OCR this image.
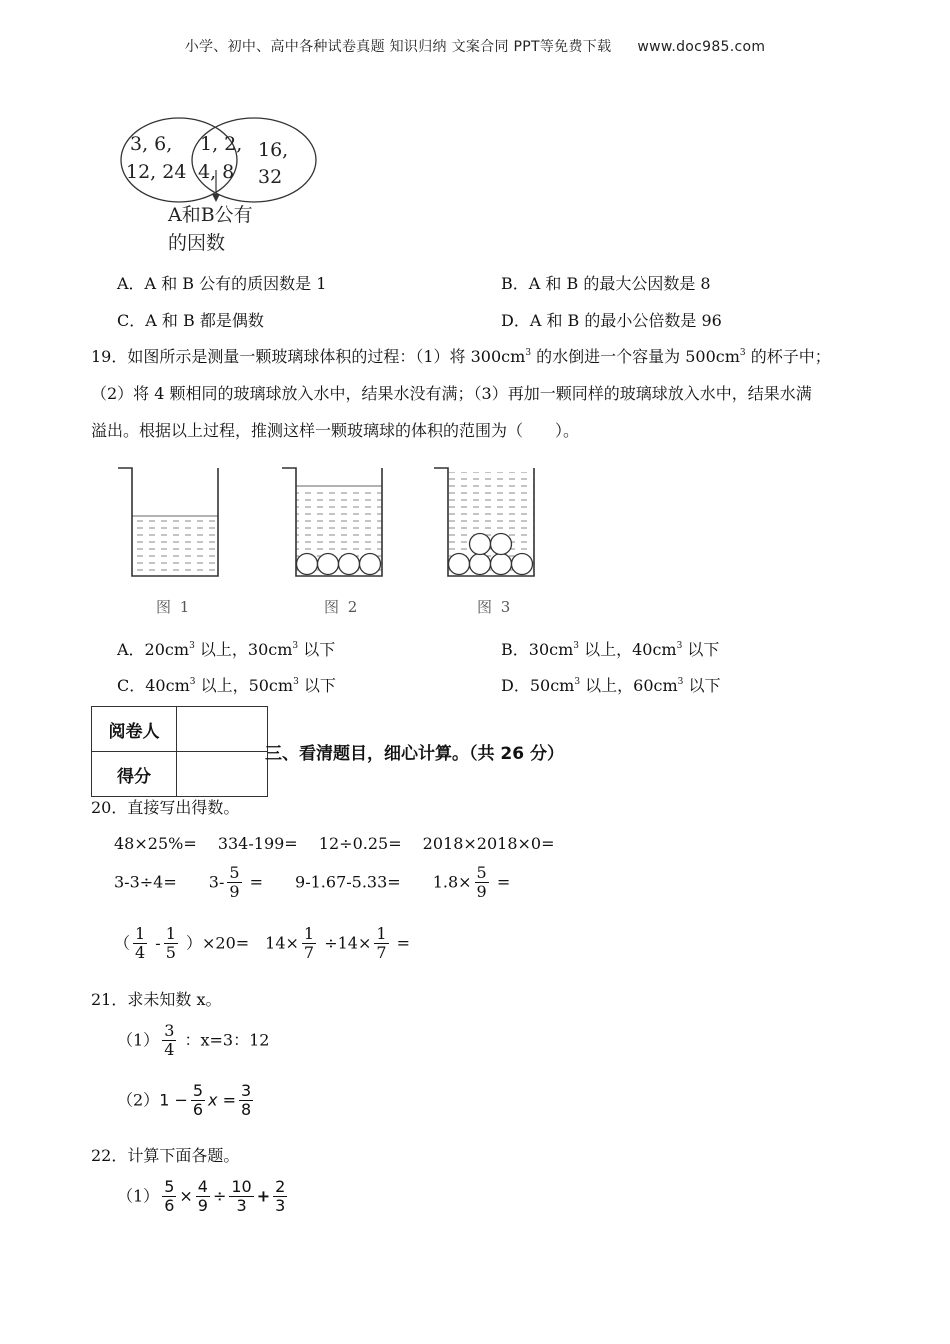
小学、初中、高中各种试卷真题 知识归纳 文案合同 PPT等免费下载 www.doc985.com
3, 6,
12, 24
1, 2,
4, 8
16,
32
A和B公有
的因数
A．A 和 B 公有的质因数是 1	B．A 和 B 的最大公因数是 8
C．A 和 B 都是偶数	D．A 和 B 的最小公倍数是 96
19．如图所示是测量一颗玻璃球体积的过程：（1）将 $300cm^3$ 的水倒进一个容量为 $500cm^3$ 的杯子中；
（2）将 4 颗相同的玻璃球放入水中，结果水没有满；（3）再加一颗同样的玻璃球放入水中，结果水满
溢出。根据以上过程，推测这样一颗玻璃球的体积的范围为（　　）。
图 1	图 2	图 3
A．$20cm^3$ 以上，$30cm^3$ 以下	B．$30cm^3$ 以上，$40cm^3$ 以下
C．$40cm^3$ 以上，$50cm^3$ 以下	D．$50cm^3$ 以上，$60cm^3$ 以下
阅卷人	
得分	
三、看清题目，细心计算。（共 26 分）
20．直接写出得数。
48×25%=　 334-199=　 12÷0.25=　 2018×2018×0=
3-3÷4=　　$3- \frac{5}{9}$ =　　9-1.67-5.33=　　$1.8\times \frac{5}{9}$ =
（ $\frac{1}{4} - \frac{1}{5} )\times 20=$　$14\times \frac{1}{7} \div 14\times \frac{1}{7}$ =
21．求未知数 x。
$(1) \frac{3}{4}$ ：x=3：12
$(2)1 - \frac{5}{6}$ $x = \frac{3}{8}$
22．计算下面各题。
$(1) \frac{5}{6} \times \frac{4}{9} \div \frac{10}{3} + \frac{2}{3}$
